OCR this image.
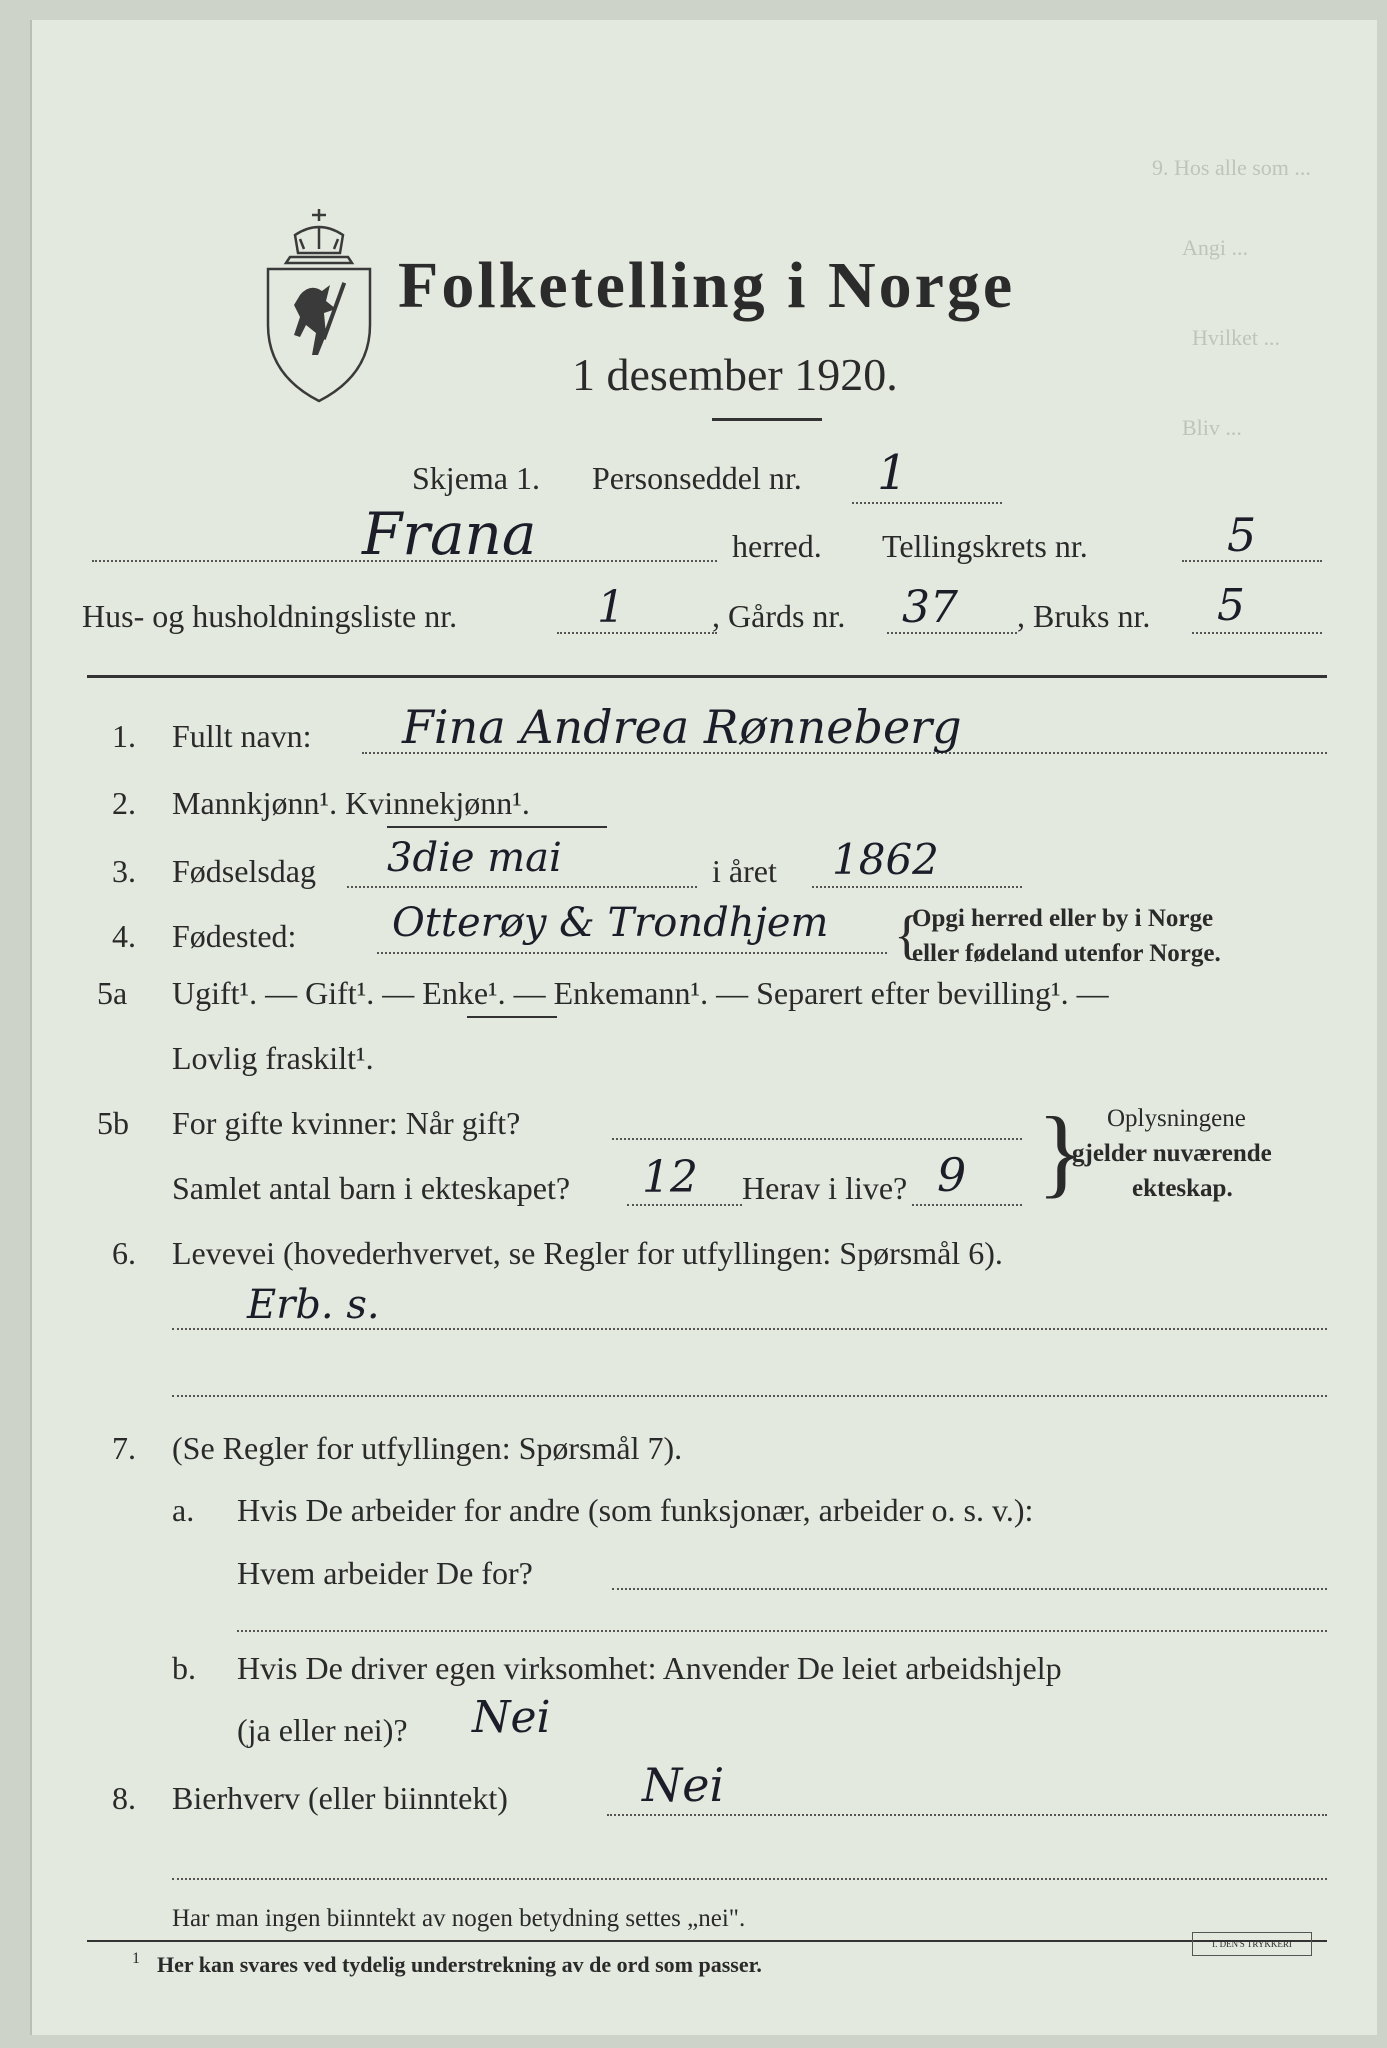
9. Hos alle som ...
Angi ...
Hvilket ...
Bliv ...
Folketelling i Norge
1 desember 1920.
Skjema 1. Personseddel nr. 1
Frana	herred. Tellingskrets nr.	5
Hus- og husholdningsliste nr.	1	, Gårds nr. 37 , Bruks nr. 5
1. Fullt navn: Fina Andrea Rønneberg
2. Mannkjønn¹. Kvinnekjønn¹.
3. Fødselsdag 3die mai	i året 1862
4. Fødested: Otterøy & Trondhjem	Opgi herred eller by i Norge
eller fødeland utenfor Norge.
{
5a Ugift¹. — Gift¹. — Enke¹. — Enkemann¹. — Separert efter bevilling¹. —
Lovlig fraskilt¹.
5b For gifte kvinner: Når gift?
Samlet antal barn i ekteskapet? 12 Herav i live? 9 } Oplysningene
gjelder nuværende
ekteskap.
6. Levevei (hovederhvervet, se Regler for utfyllingen: Spørsmål 6).
Erb. s.
7. (Se Regler for utfyllingen: Spørsmål 7).
a. Hvis De arbeider for andre (som funksjonær, arbeider o. s. v.):
Hvem arbeider De for?
b. Hvis De driver egen virksomhet: Anvender De leiet arbeidshjelp
(ja eller nei)? Nei
8. Bierhverv (eller biinntekt)	Nei
Har man ingen biinntekt av nogen betydning settes „nei".
1 Her kan svares ved tydelig understrekning av de ord som passer.
I. DEN'S TRYKKERI
